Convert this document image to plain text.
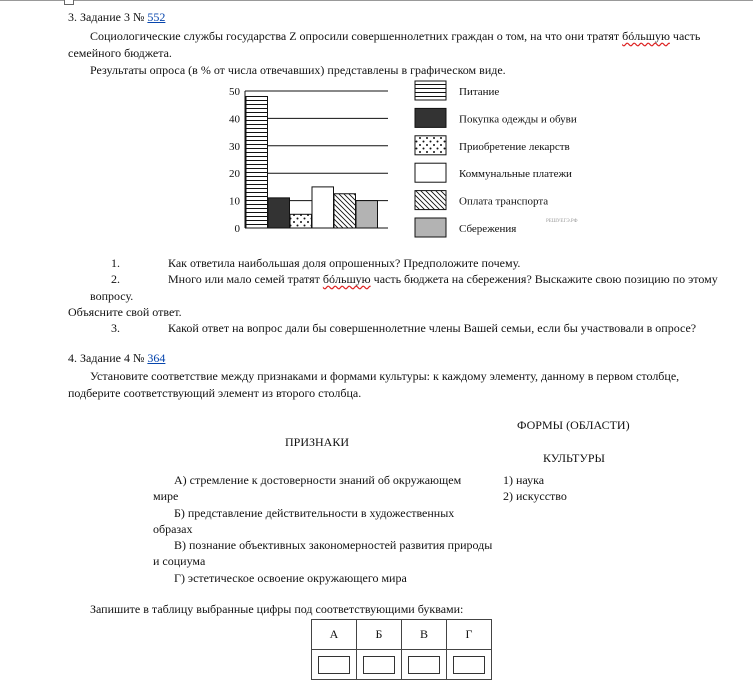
3. Задание 3 № 552
Социологические службы государства Z опросили совершеннолетних граждан о том, на что они тратят бóльшую часть
семейного бюджета.
Результаты опроса (в % от числа отвечавших) представлены в графическом виде.
0
10
20
30
40
50	Питание
Покупка одежды и обуви
Приобретение лекарств
Коммунальные платежи
Оплата транспорта
Сбережения
РЕШУЕГЭ.РФ
1.	Как ответила наибольшая доля опрошенных? Предположите почему.
2.	Много или мало семей тратят бóльшую часть бюджета на сбережения? Выскажите свою позицию по этому
вопросу.
Объясните свой ответ.
3.	Какой ответ на вопрос дали бы совершеннолетние члены Вашей семьи, если бы участвовали в опросе?
4. Задание 4 № 364
Установите соответствие между признаками и формами культуры: к каждому элементу, данному в первом столбце,
подберите соответствующий элемент из второго столбца.
ФОРМЫ (ОБЛАСТИ)
ПРИЗНАКИ
КУЛЬТУРЫ
А) стремление к достоверности знаний об окружающем
мире
Б) представление действительности в художественных
образах
В) познание объективных закономерностей развития природы
и социума
Г) эстетическое освоение окружающего мира
1) наука
2) искусство
Запишите в таблицу выбранные цифры под соответствующими буквами:
А	Б	В	Г
